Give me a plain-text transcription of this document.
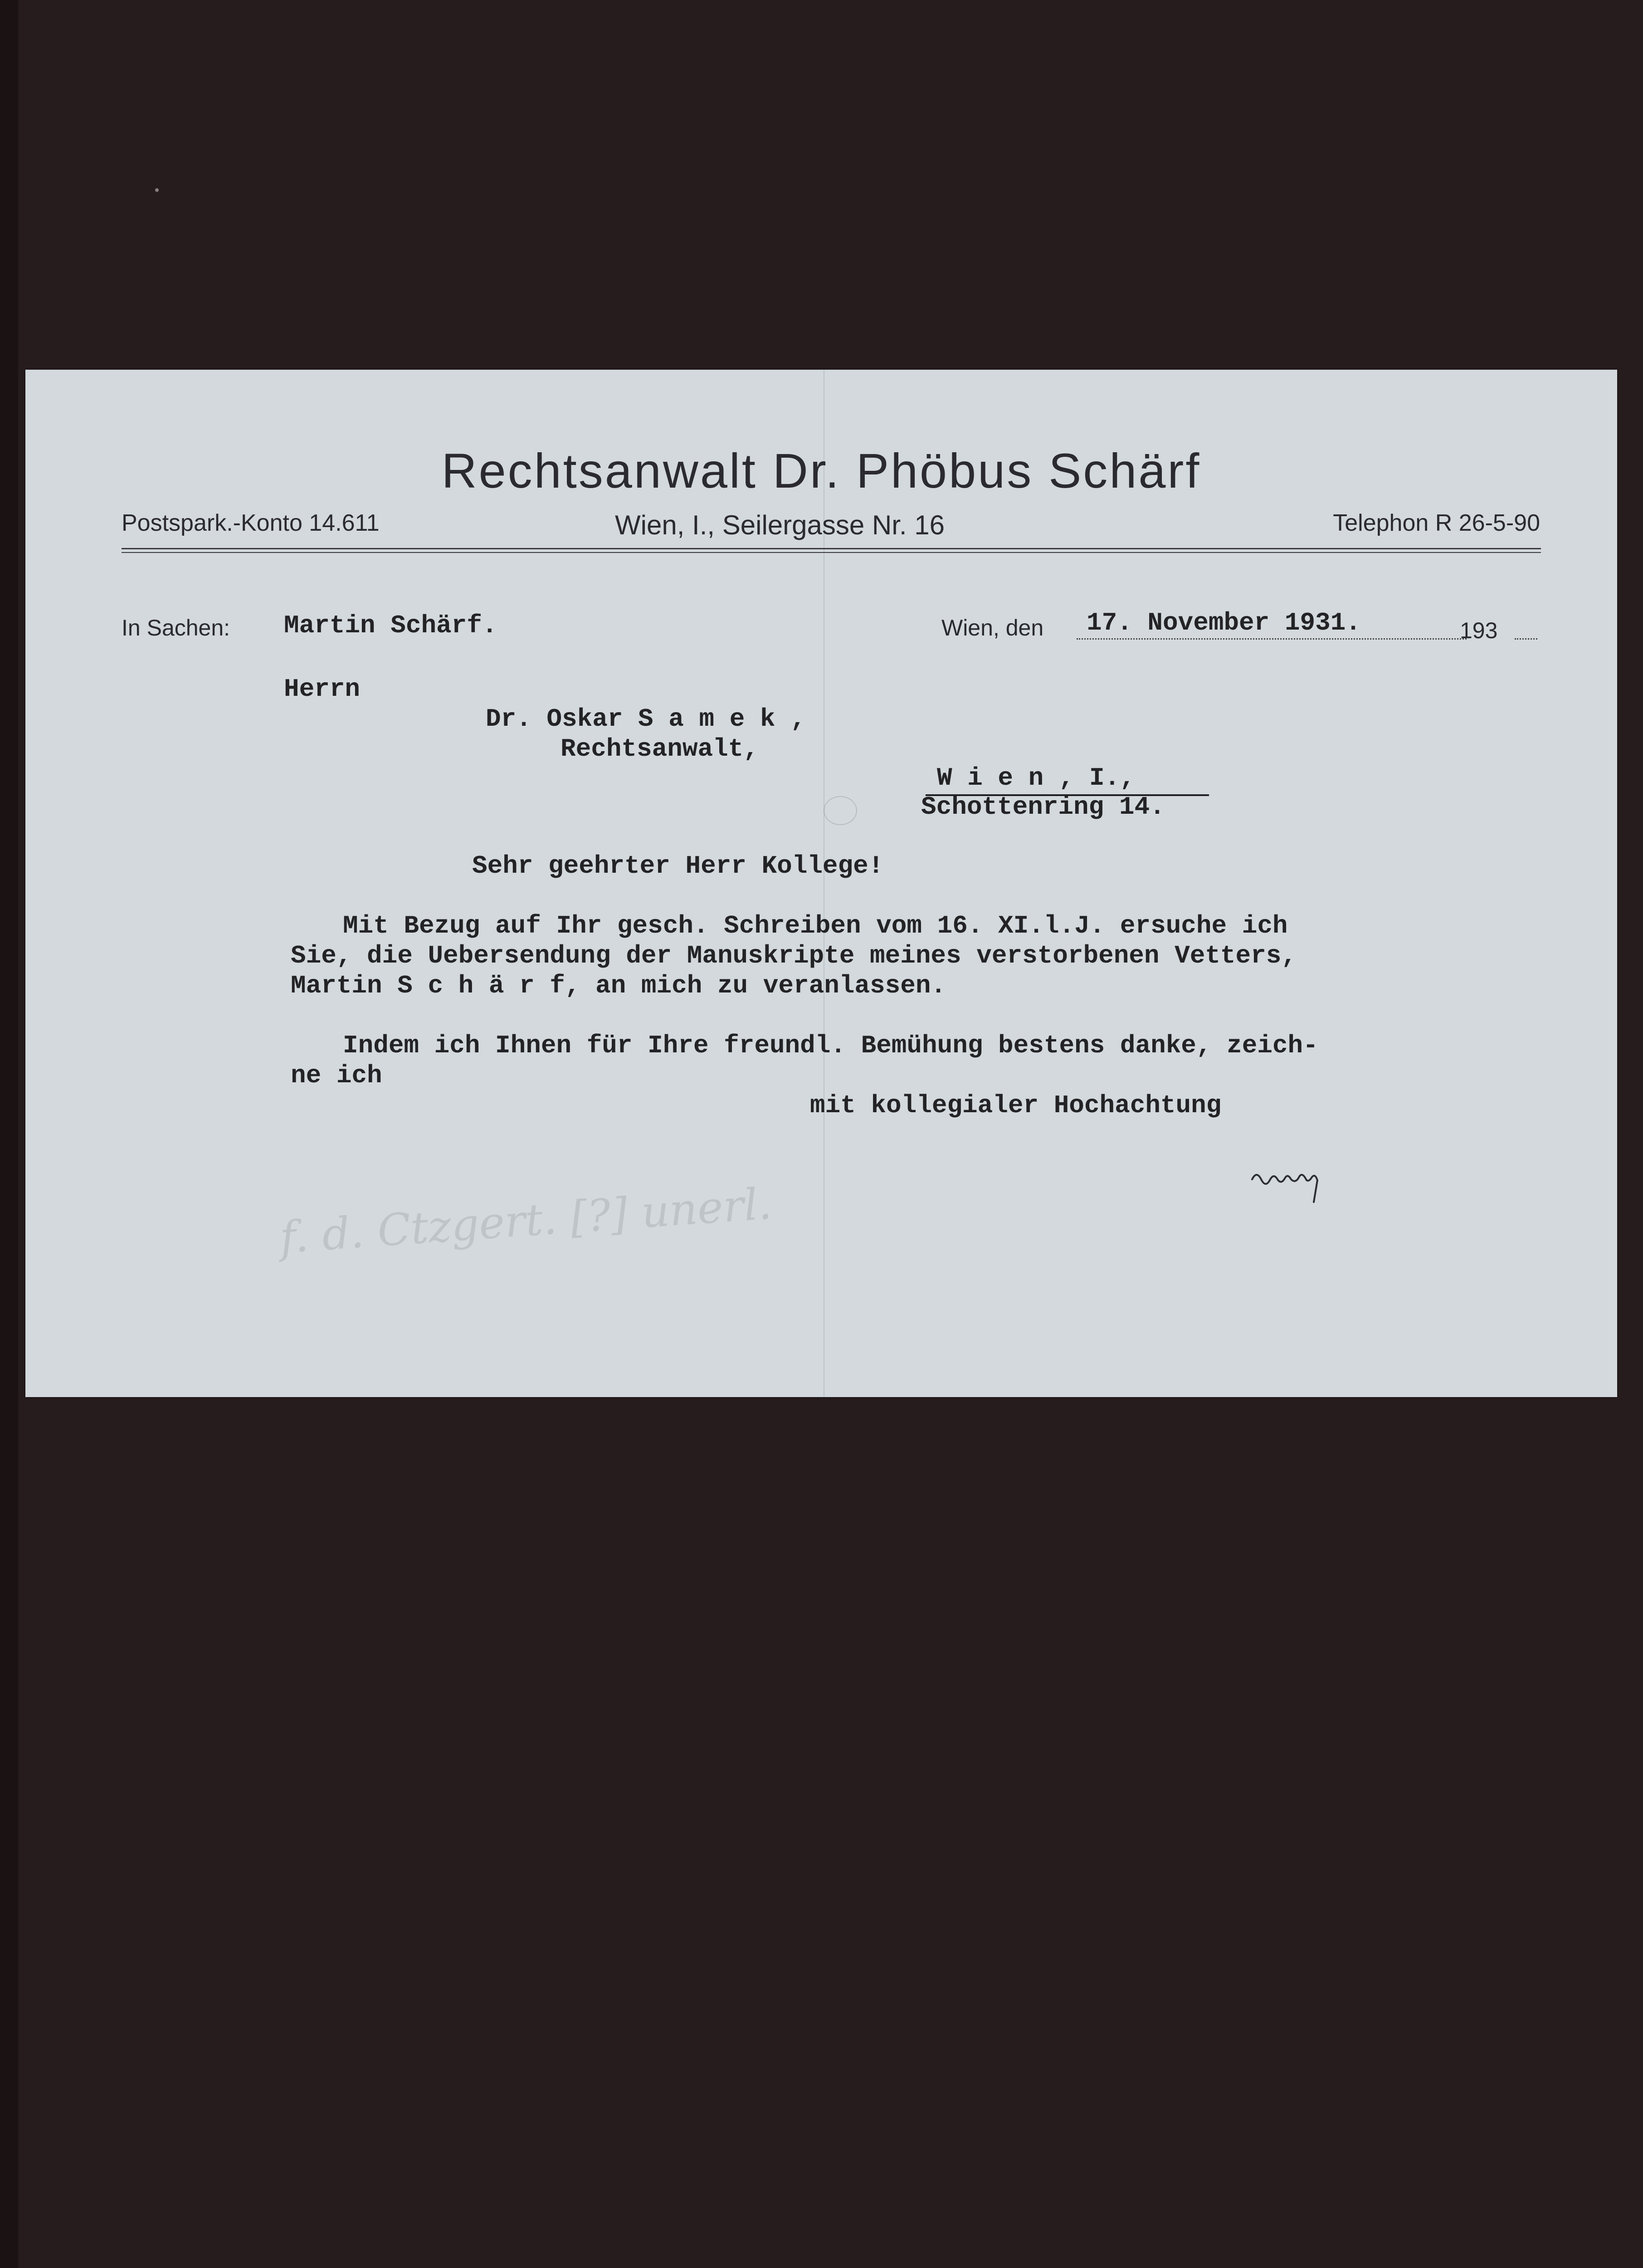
Rechtsanwalt Dr. Phöbus Schärf
Postspark.-Konto 14.611	Wien, I., Seilergasse Nr. 16	Telephon R 26-5-90
In Sachen: Martin Schärf.	Wien, den 17. November 1931.	193
Herrn
Dr. Oskar S a m e k ,
Rechtsanwalt,
W i e n , I.,
Schottenring 14.
Sehr geehrter Herr Kollege!
Mit Bezug auf Ihr gesch. Schreiben vom 16. XI.l.J. ersuche ich
Sie, die Uebersendung der Manuskripte meines verstorbenen Vetters,
Martin S c h ä r f, an mich zu veranlassen.
Indem ich Ihnen für Ihre freundl. Bemühung bestens danke, zeich-
ne ich
mit kollegialer Hochachtung
f. d. Ctzgert. [?] unerl.
